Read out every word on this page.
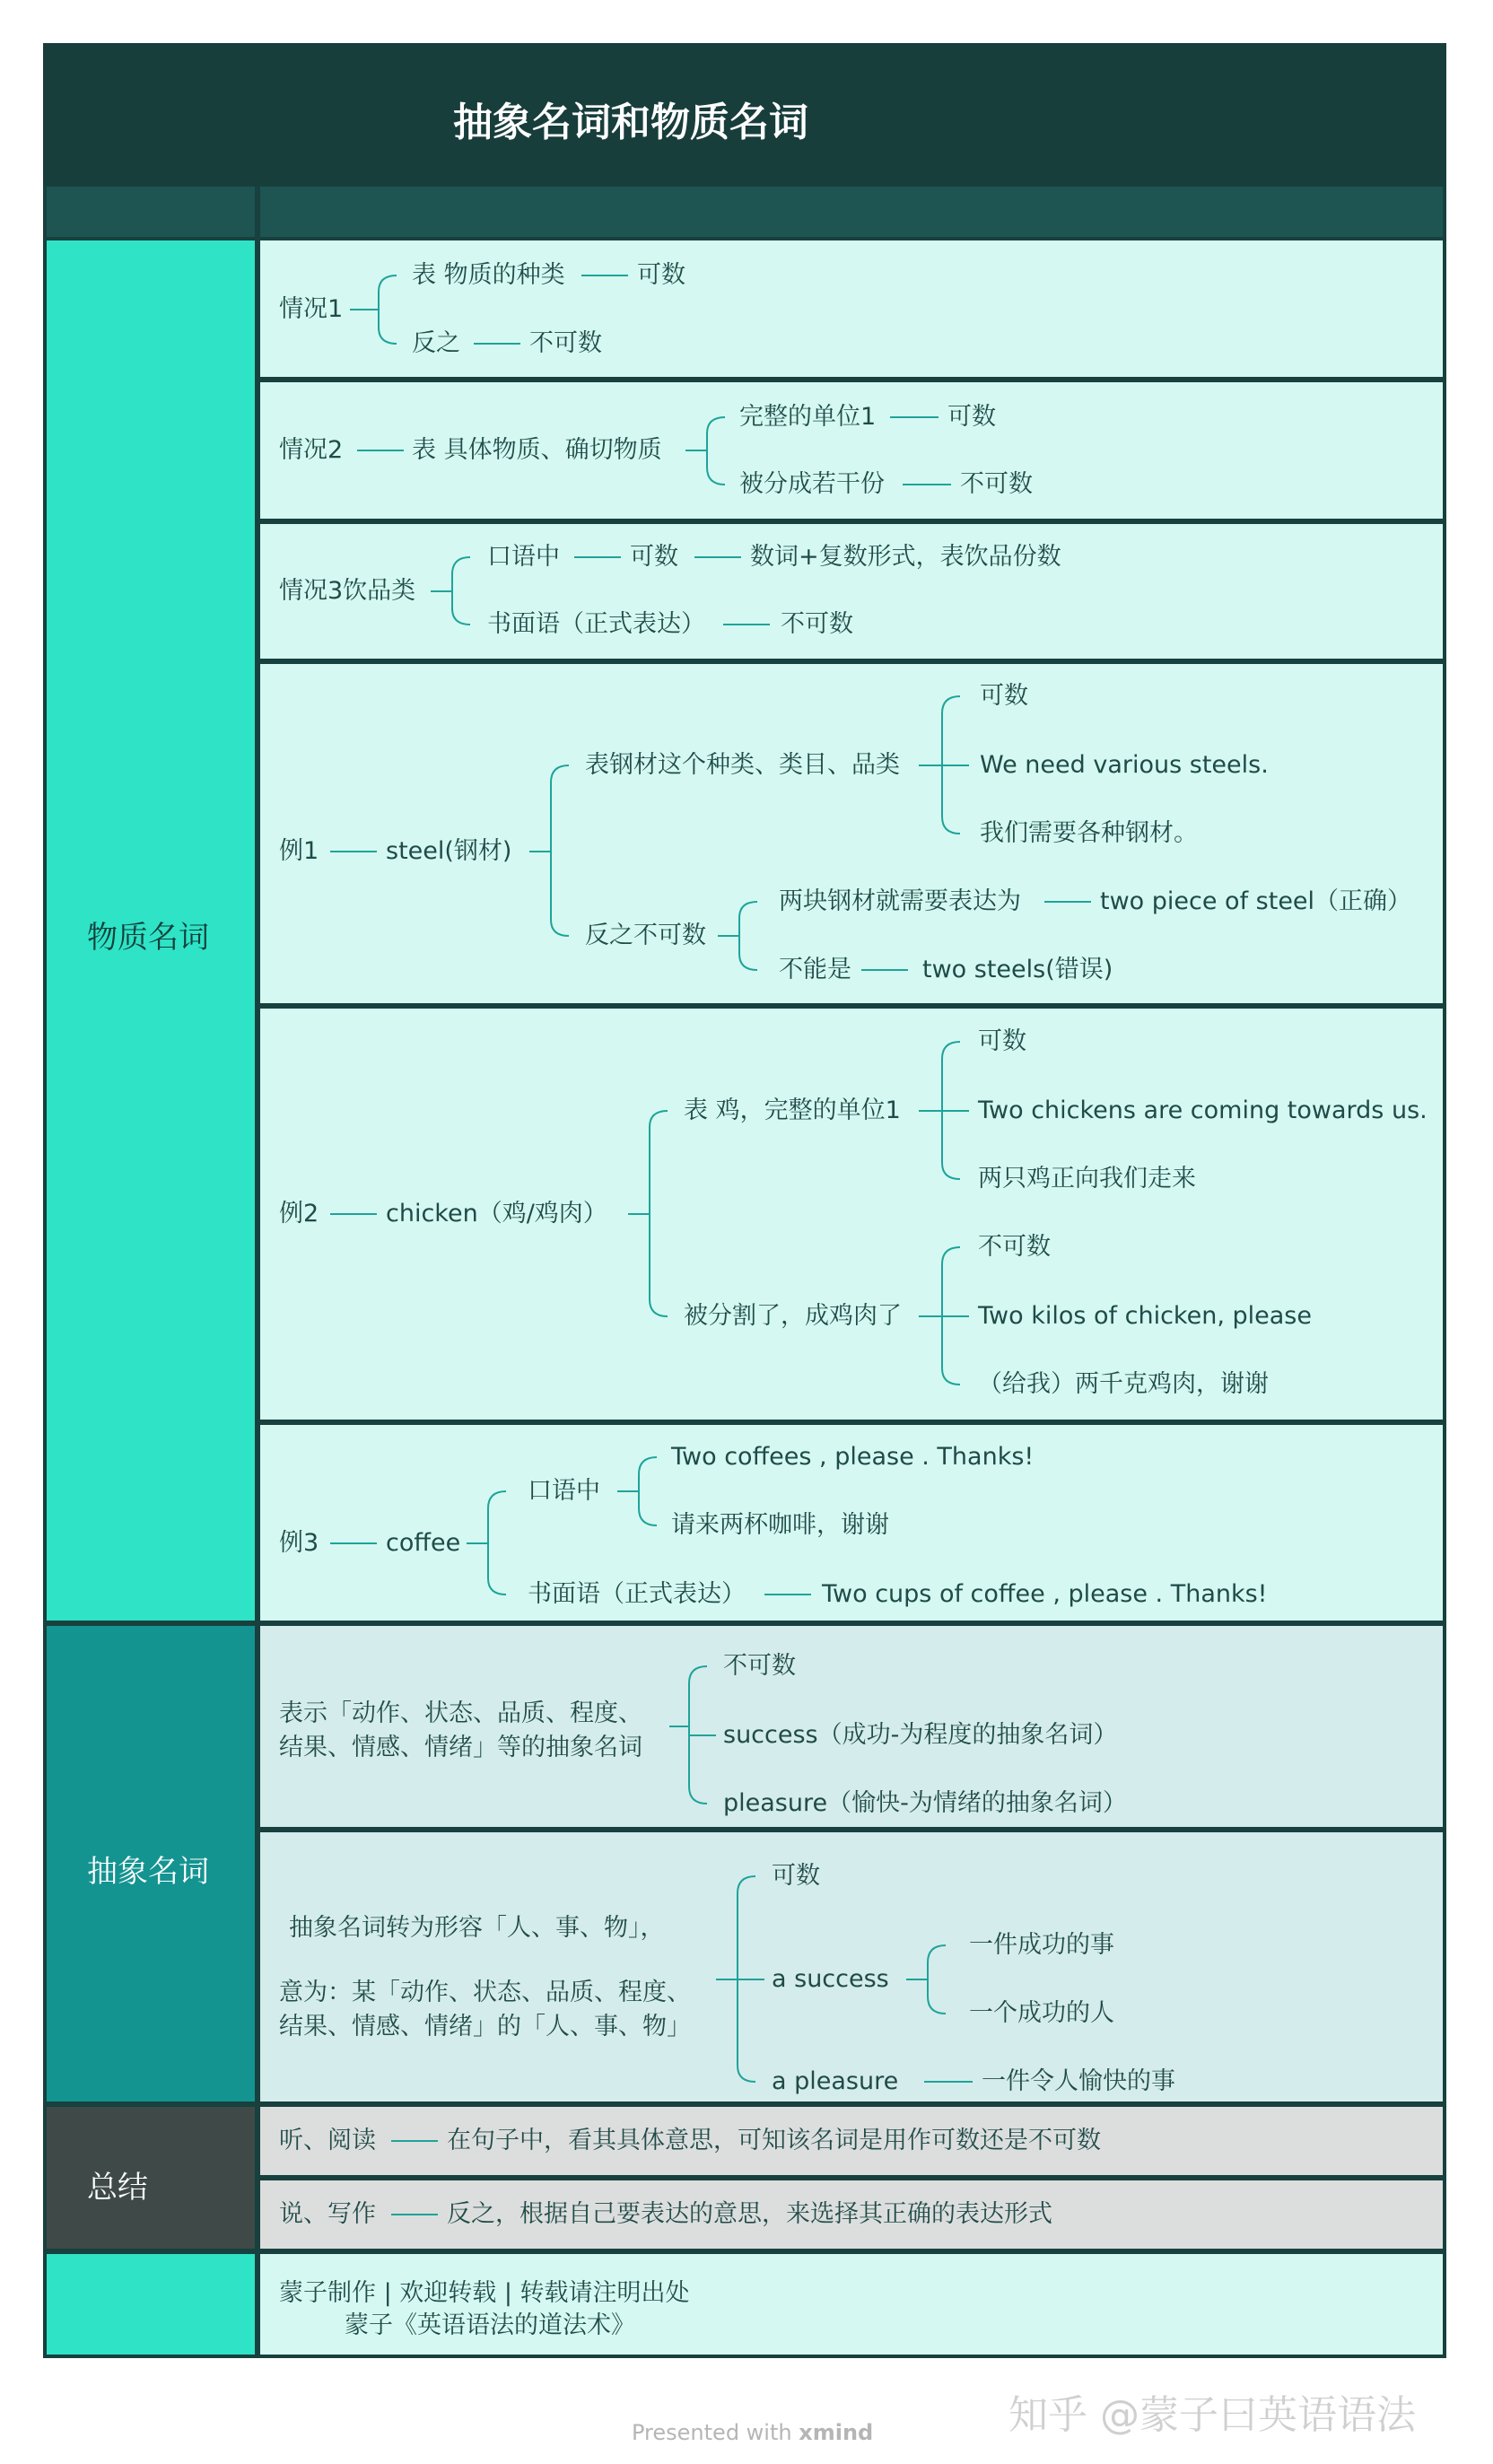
抽象名词和物质名词
物质名词
抽象名词
总结
情况1
表 物质的种类	可数
反之	不可数
情况2	表 具体物质、确切物质
完整的单位1	可数
被分成若干份	不可数
情况3饮品类
口语中	可数	数词+复数形式，表饮品份数
书面语（正式表达）	不可数
例1	steel(钢材)
表钢材这个种类、类目、品类
可数
We need various steels.
我们需要各种钢材。
反之不可数
两块钢材就需要表达为	two piece of steel（正确）
不能是	two steels(错误)
例2	chicken（鸡/鸡肉）
表 鸡，完整的单位1
可数
Two chickens are coming towards us.
两只鸡正向我们走来
被分割了，成鸡肉了
不可数
Two kilos of chicken, please
（给我）两千克鸡肉，谢谢
例3	coffee
口语中
Two coffees , please . Thanks!
请来两杯咖啡，谢谢
书面语（正式表达）	Two cups of coffee , please . Thanks!
表示「动作、状态、品质、程度、
结果、情感、情绪」等的抽象名词
不可数
success（成功-为程度的抽象名词）
pleasure（愉快-为情绪的抽象名词）
抽象名词转为形容「人、事、物」，
意为：某「动作、状态、品质、程度、
结果、情感、情绪」的「人、事、物」
可数
a success
一件成功的事
一个成功的人
a pleasure	一件令人愉快的事
听、阅读	在句子中，看其具体意思，可知该名词是用作可数还是不可数
说、写作	反之，根据自己要表达的意思，来选择其正确的表达形式
蒙子制作 | 欢迎转载 | 转载请注明出处
蒙子《英语语法的道法术》
Presented with xmind	知乎 @蒙子曰英语语法
